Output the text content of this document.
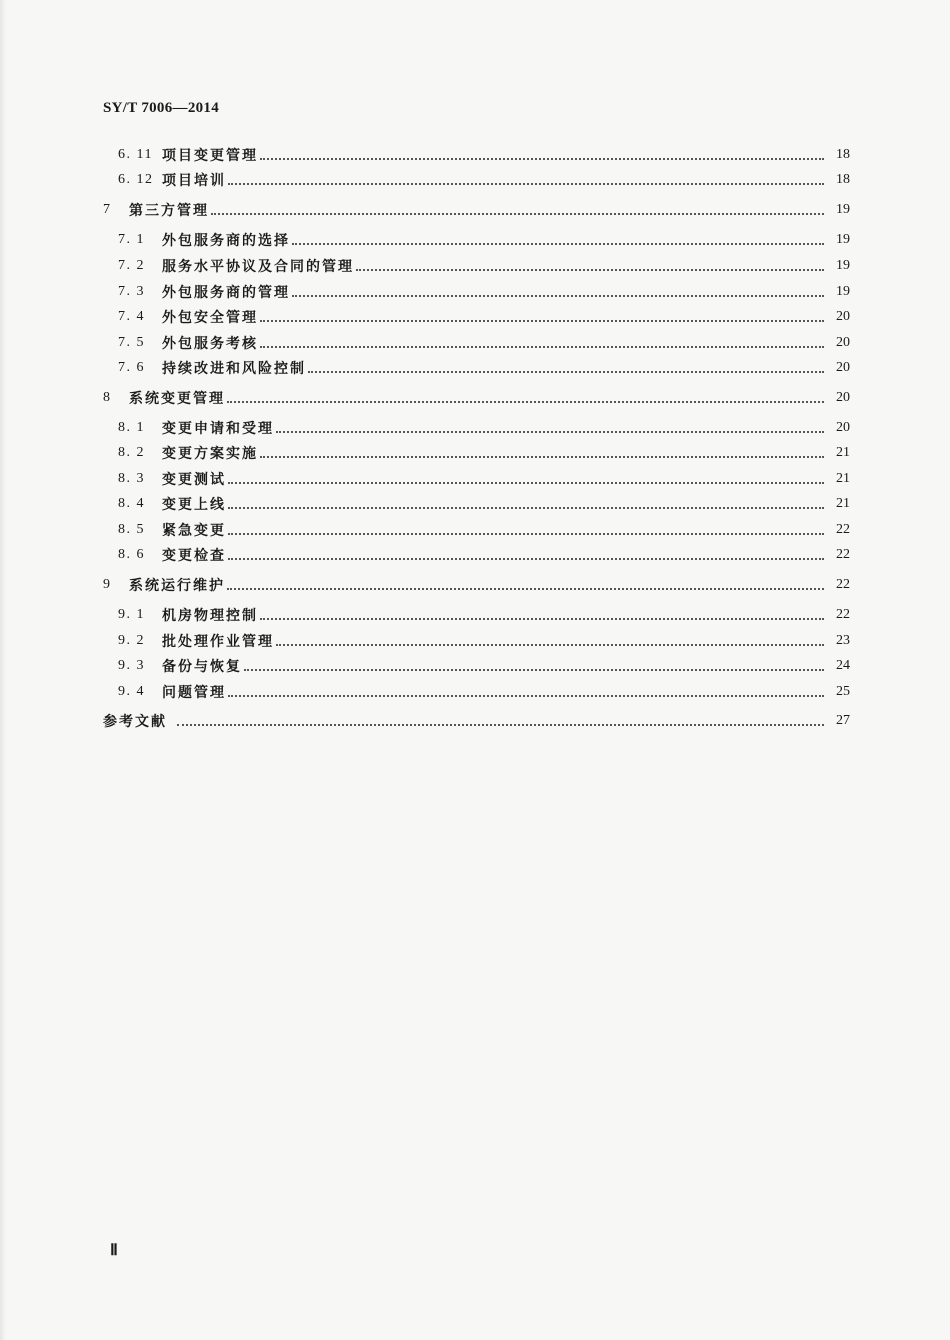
SY/T 7006—2014
6. 11 项目变更管理	18
6. 12 项目培训	18
7	第三方管理	19
7. 1	外包服务商的选择	19
7. 2	服务水平协议及合同的管理	19
7. 3	外包服务商的管理	19
7. 4	外包安全管理	20
7. 5	外包服务考核	20
7. 6	持续改进和风险控制	20
8	系统变更管理	20
8. 1	变更申请和受理	20
8. 2	变更方案实施	21
8. 3	变更测试	21
8. 4	变更上线	21
8. 5	紧急变更	22
8. 6	变更检查	22
9	系统运行维护	22
9. 1	机房物理控制	22
9. 2	批处理作业管理	23
9. 3	备份与恢复	24
9. 4	问题管理	25
参考文献	27
Ⅱ
